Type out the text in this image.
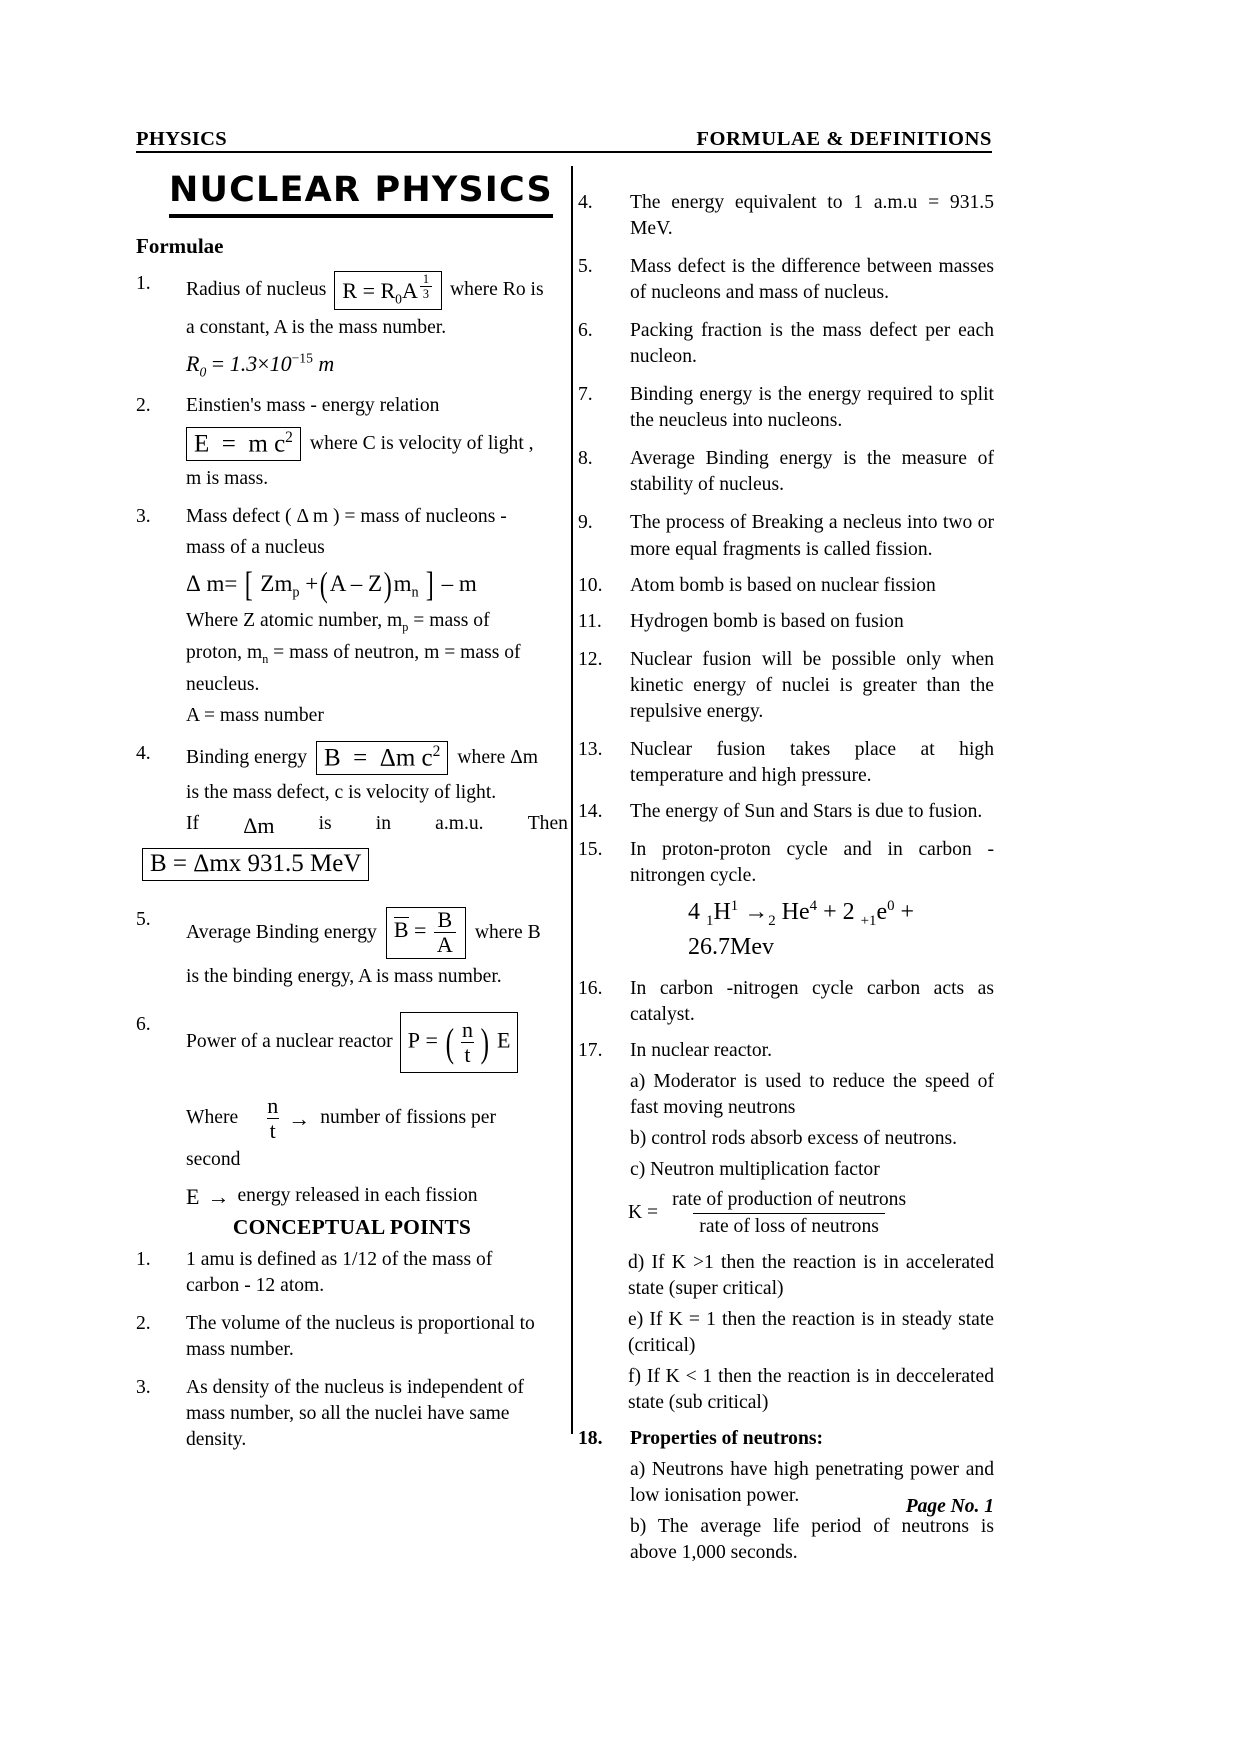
PHYSICS	FORMULAE & DEFINITIONS
NUCLEAR PHYSICS
Formulae
1.	Radius of nucleus $R = R_0A$ $^{\frac{1}{3}}$ where Ro is
a constant, A is the mass number.
$R_0 = 1.3\times 10^{-15}$ m
2.	Einstien's mass - energy relation
E  =  m $c^2$ where C is velocity of light ,
m is mass.
3.	Mass defect ( Δ m ) = mass of nucleons -
mass of a nucleus
Δ m= [ $Zm_p +(A - Z)m_n$ ] – m
Where Z atomic number, $m_p$ = mass of
proton, $m_n$ = mass of neutron, m = mass of
neucleus.
A = mass number
4.	Binding energy B  =  Δm $c^2$ where Δm
is the mass defect, c is velocity of light.
If Δm is in a.m.u. Then
B = Δmx 931.5 MeV
5.
Average Binding energy $B = \frac{B}{A}$ where B
is the binding energy, A is mass number.
6.
Power of a nuclear reactor P = ( $\frac{n}{t}$ ) E
Where $\frac{n}{t}$ → number of fissions per
second
E → energy released in each fission
CONCEPTUAL POINTS
1.	1 amu is defined as 1/12 of the mass of
carbon - 12 atom.
2.	The volume of the nucleus is proportional to
mass number.
3.	As density of the nucleus is independent of
mass number, so all the nuclei have same
density.
4.	The energy equivalent to 1 a.m.u = 931.5 MeV.
5.	Mass defect is the difference between masses of nucleons and mass of nucleus.
6.	Packing fraction is the mass defect per each nucleon.
7.	Binding energy is the energy required to split the neucleus into nucleons.
8.	Average Binding energy is the measure of stability of nucleus.
9.	The process of Breaking a necleus into two or more equal fragments is called fission.
10.	Atom bomb is based on nuclear fission
11.	Hydrogen bomb is based on fusion
12.	Nuclear fusion will be possible only when kinetic energy of nuclei is greater than the repulsive energy.
13.	Nuclear fusion takes place at high temperature and high pressure.
14.	The energy of Sun and Stars is due to fusion.
15.	In proton-proton cycle and in carbon - nitrongen cycle.
4 $_1H^1 \to_2$ $He^4 + 2$ $_{+1}e^0 + 26.7Mev$
16.	In carbon -nitrogen cycle carbon acts as catalyst.
17.	In nuclear reactor.
a) Moderator is used to reduce the speed of fast moving neutrons
b) control rods absorb excess of neutrons.
c) Neutron multiplication factor
K =
rate of production of neutrons
rate of loss of neutrons
d) If K >1 then the reaction is in accelerated state (super critical)
e) If K = 1 then the reaction is in steady state (critical)
f) If K < 1 then the reaction is in deccelerated state (sub critical)
18.	Properties of neutrons:
a) Neutrons have high penetrating power and low ionisation power.
b) The average life period of neutrons is above 1,000 seconds.
Page No. 1
